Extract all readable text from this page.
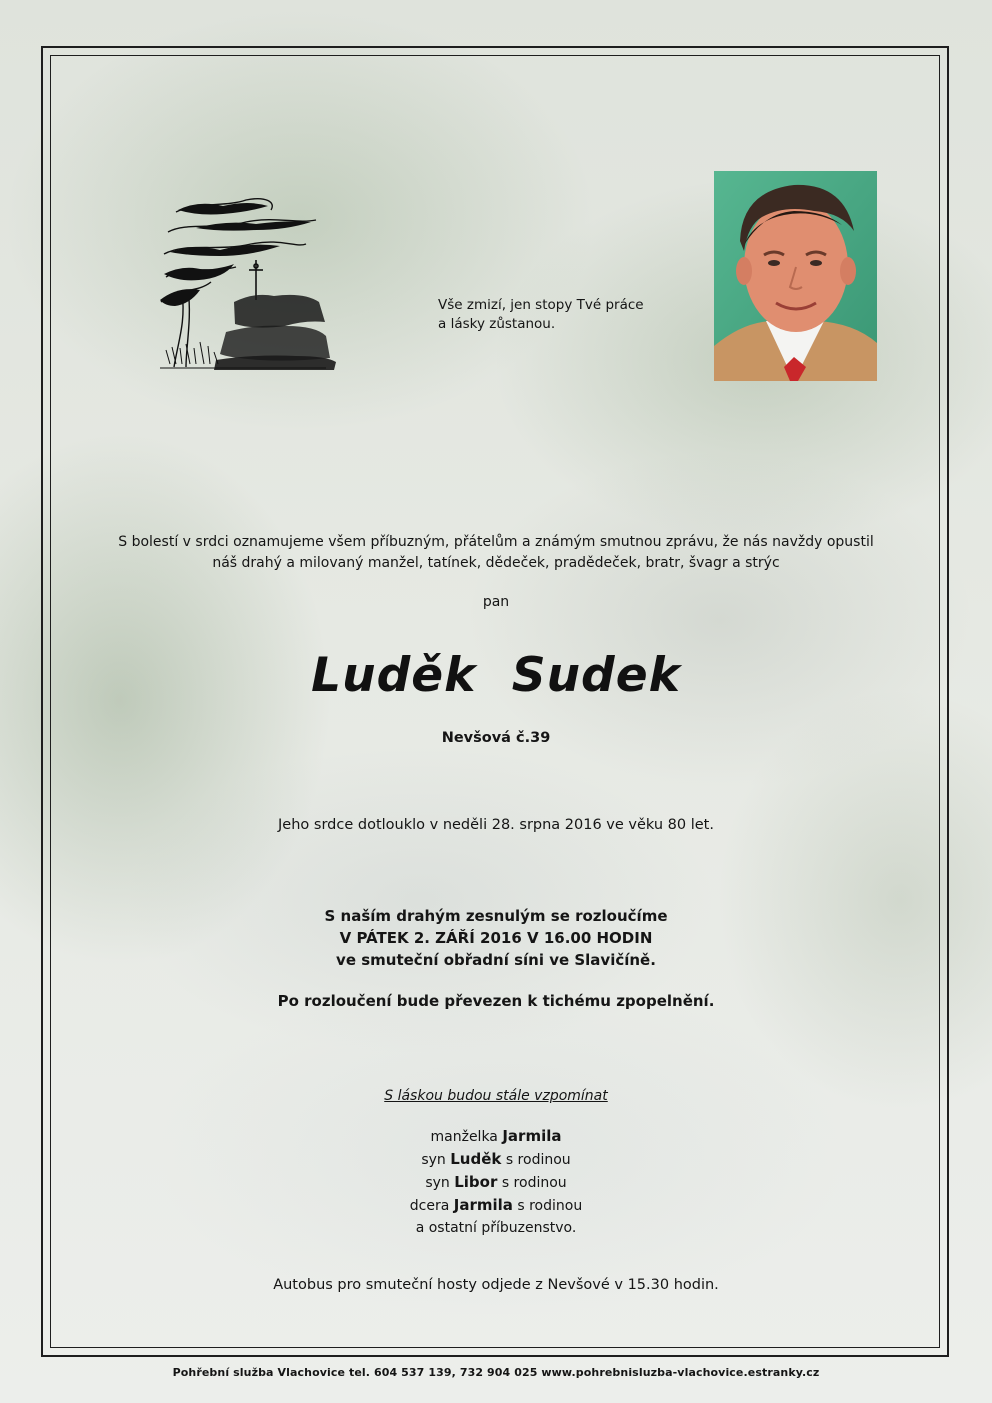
Vše zmizí, jen stopy Tvé práce
a lásky zůstanou.
S bolestí v srdci oznamujeme všem příbuzným, přátelům a známým smutnou zprávu, že nás navždy opustil
náš drahý a milovaný manžel, tatínek, dědeček, pradědeček, bratr, švagr a strýc
pan
Luděk Sudek
Nevšová č.39
Jeho srdce dotlouklo v neděli 28. srpna 2016 ve věku 80 let.
S naším drahým zesnulým se rozloučíme
V PÁTEK 2. ZÁŘÍ 2016 V 16.00 HODIN
ve smuteční obřadní síni ve Slavičíně.
Po rozloučení bude převezen k tichému zpopelnění.
S láskou budou stále vzpomínat
manželka Jarmila
syn Luděk s rodinou
syn Libor s rodinou
dcera Jarmila s rodinou
a ostatní příbuzenstvo.
Autobus pro smuteční hosty odjede z Nevšové v 15.30 hodin.
Pohřební služba Vlachovice tel. 604 537 139, 732 904 025 www.pohrebnisluzba-vlachovice.estranky.cz
